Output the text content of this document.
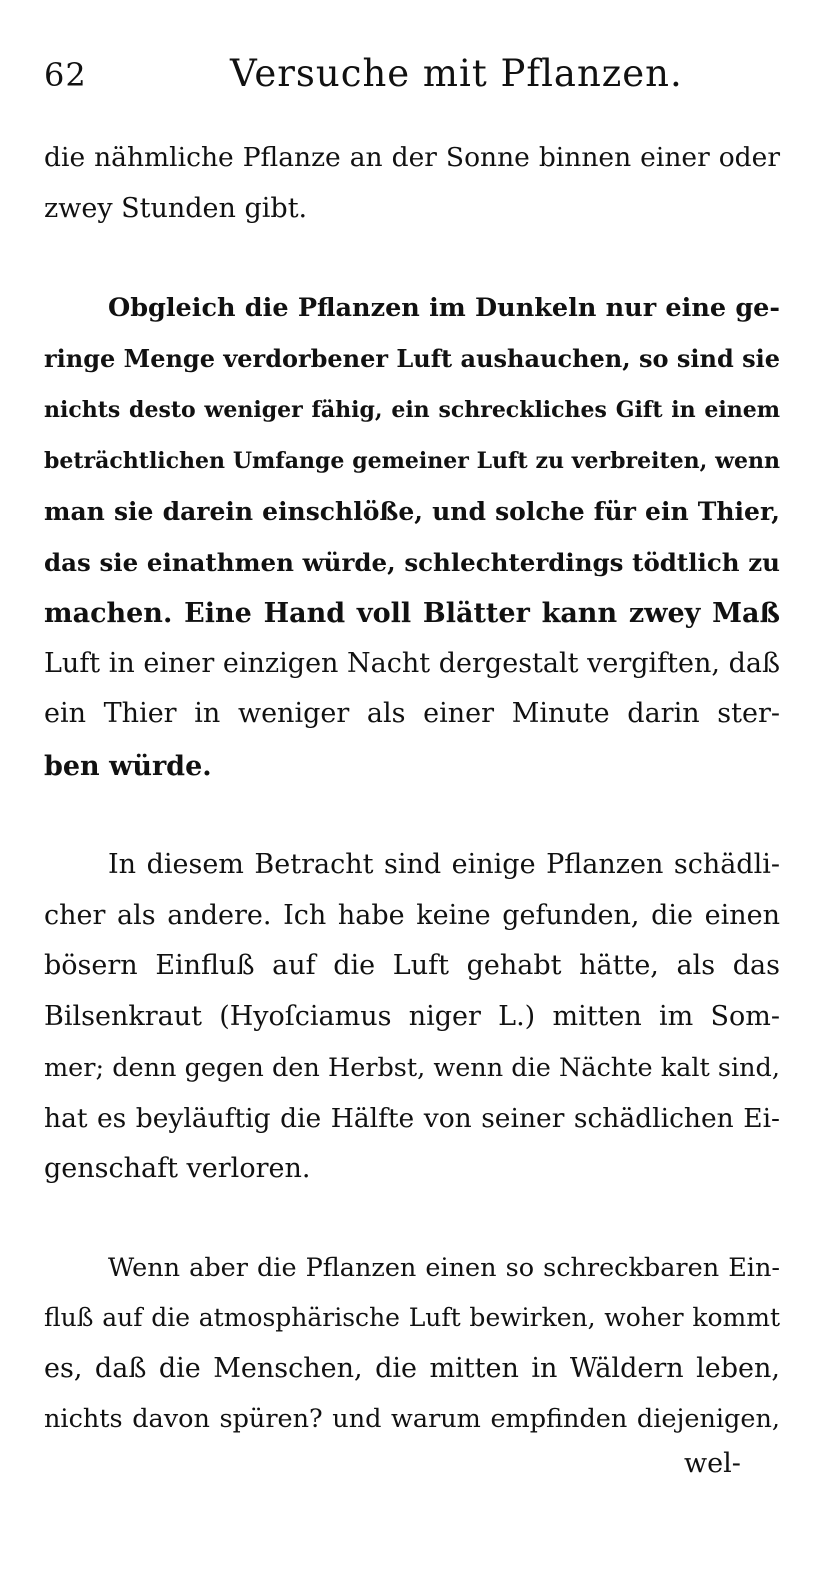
62	Versuche mit Pflanzen.
die nähmliche Pflanze an der Sonne binnen einer oder
zwey Stunden gibt.
Obgleich die Pflanzen im Dunkeln nur eine ge-
ringe Menge verdorbener Luft aushauchen, so sind sie
nichts desto weniger fähig, ein schreckliches Gift in einem
beträchtlichen Umfange gemeiner Luft zu verbreiten, wenn
man sie darein einschlöße, und solche für ein Thier,
das sie einathmen würde, schlechterdings tödtlich zu
machen. Eine Hand voll Blätter kann zwey Maß
Luft in einer einzigen Nacht dergestalt vergiften, daß
ein Thier in weniger als einer Minute darin ster-
ben würde.
In diesem Betracht sind einige Pflanzen schädli-
cher als andere. Ich habe keine gefunden, die einen
bösern Einfluß auf die Luft gehabt hätte, als das
Bilsenkraut (Hyoſciamus niger L.) mitten im Som-
mer; denn gegen den Herbst, wenn die Nächte kalt sind,
hat es beyläuftig die Hälfte von seiner schädlichen Ei-
genschaft verloren.
Wenn aber die Pflanzen einen so schreckbaren Ein-
fluß auf die atmosphärische Luft bewirken, woher kommt
es, daß die Menschen, die mitten in Wäldern leben,
nichts davon spüren? und warum empfinden diejenigen,
wel-
